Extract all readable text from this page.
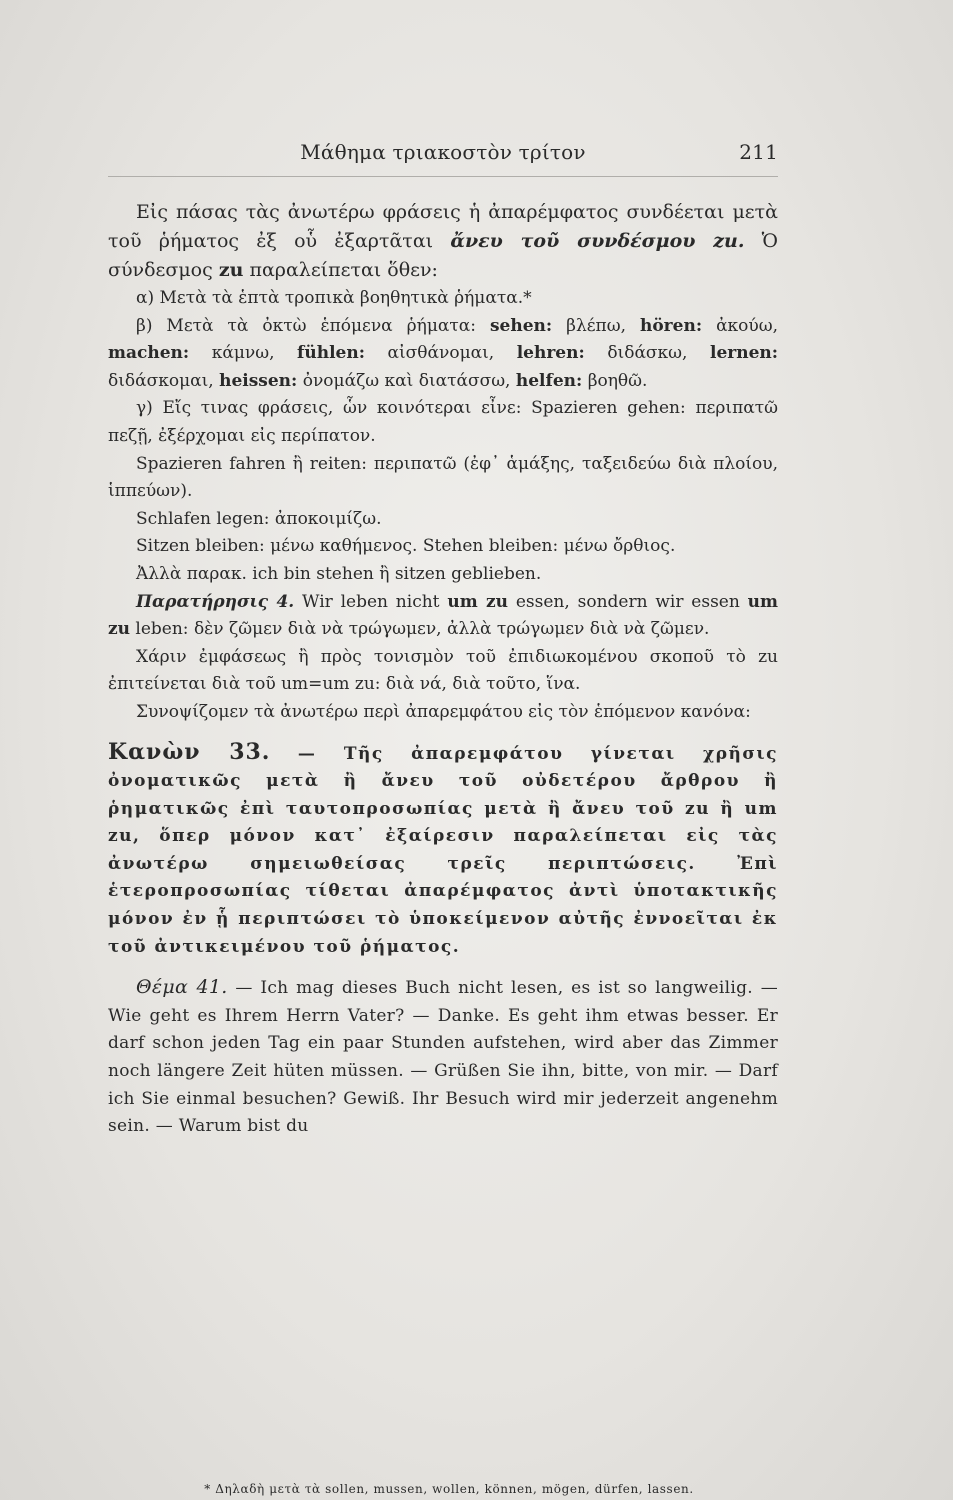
Μάθημα τριακοστὸν τρίτον	211

Εἰς πάσας τὰς ἀνωτέρω φράσεις ἡ ἀπαρέμφατος συνδέεται μετὰ τοῦ ῥήματος ἐξ οὗ ἐξαρτᾶται ἄνευ τοῦ συνδέσμου zu. Ὁ σύνδεσμος zu παραλείπεται ὅθεν:

α) Μετὰ τὰ ἑπτὰ τροπικὰ βοηθητικὰ ῥήματα.*

β) Μετὰ τὰ ὀκτὼ ἑπόμενα ῥήματα: sehen: βλέπω, hören: ἀκούω, machen: κάμνω, fühlen: αἰσθάνομαι, lehren: διδάσκω, lernen: διδάσκομαι, heissen: ὀνομάζω καὶ διατάσσω, helfen: βοηθῶ.

γ) Εἴς τινας φράσεις, ὧν κοινότεραι εἶνε: Spazieren gehen: περιπατῶ πεζῇ, ἐξέρχομαι εἰς περίπατον.

Spazieren fahren ἢ reiten: περιπατῶ (ἐφ᾽ ἁμάξης, ταξειδεύω διὰ πλοίου, ἱππεύων).

Schlafen legen: ἀποκοιμίζω.

Sitzen bleiben: μένω καθήμενος. Stehen bleiben: μένω ὄρθιος.

Ἀλλὰ παρακ. ich bin stehen ἢ sitzen geblieben.

Παρατήρησις 4. Wir leben nicht um zu essen, sondern wir essen um zu leben: δὲν ζῶμεν διὰ νὰ τρώγωμεν, ἀλλὰ τρώγωμεν διὰ νὰ ζῶμεν.

Χάριν ἐμφάσεως ἢ πρὸς τονισμὸν τοῦ ἐπιδιωκομένου σκοποῦ τὸ zu ἐπιτείνεται διὰ τοῦ um=um zu: διὰ νά, διὰ τοῦτο, ἵνα.

Συνοψίζομεν τὰ ἀνωτέρω περὶ ἀπαρεμφάτου εἰς τὸν ἑπόμενον κανόνα:

Κανὼν 33. — Τῆς ἀπαρεμφάτου γίνεται χρῆσις ὀνοματικῶς μετὰ ἢ ἄνευ τοῦ οὐδετέρου ἄρθρου ἢ ῥηματικῶς ἐπὶ ταυτοπροσωπίας μετὰ ἢ ἄνευ τοῦ zu ἢ um zu, ὅπερ μόνον κατ᾽ ἐξαίρεσιν παραλείπεται εἰς τὰς ἀνωτέρω σημειωθείσας τρεῖς περιπτώσεις. Ἐπὶ ἑτεροπροσωπίας τίθεται ἀπαρέμφατος ἀντὶ ὑποτακτικῆς μόνον ἐν ᾗ περιπτώσει τὸ ὑποκείμενον αὐτῆς ἐννοεῖται ἐκ τοῦ ἀντικειμένου τοῦ ῥήματος.

Θέμα 41. — Ich mag dieses Buch nicht lesen, es ist so langweilig. — Wie geht es Ihrem Herrn Vater? — Danke. Es geht ihm etwas besser. Er darf schon jeden Tag ein paar Stunden aufstehen, wird aber das Zimmer noch längere Zeit hüten müssen. — Grüßen Sie ihn, bitte, von mir. — Darf ich Sie einmal besuchen? Gewiß. Ihr Besuch wird mir jederzeit angenehm sein. — Warum bist du

* Δηλαδὴ μετὰ τὰ sollen, mussen, wollen, können, mögen, dürfen, lassen.
